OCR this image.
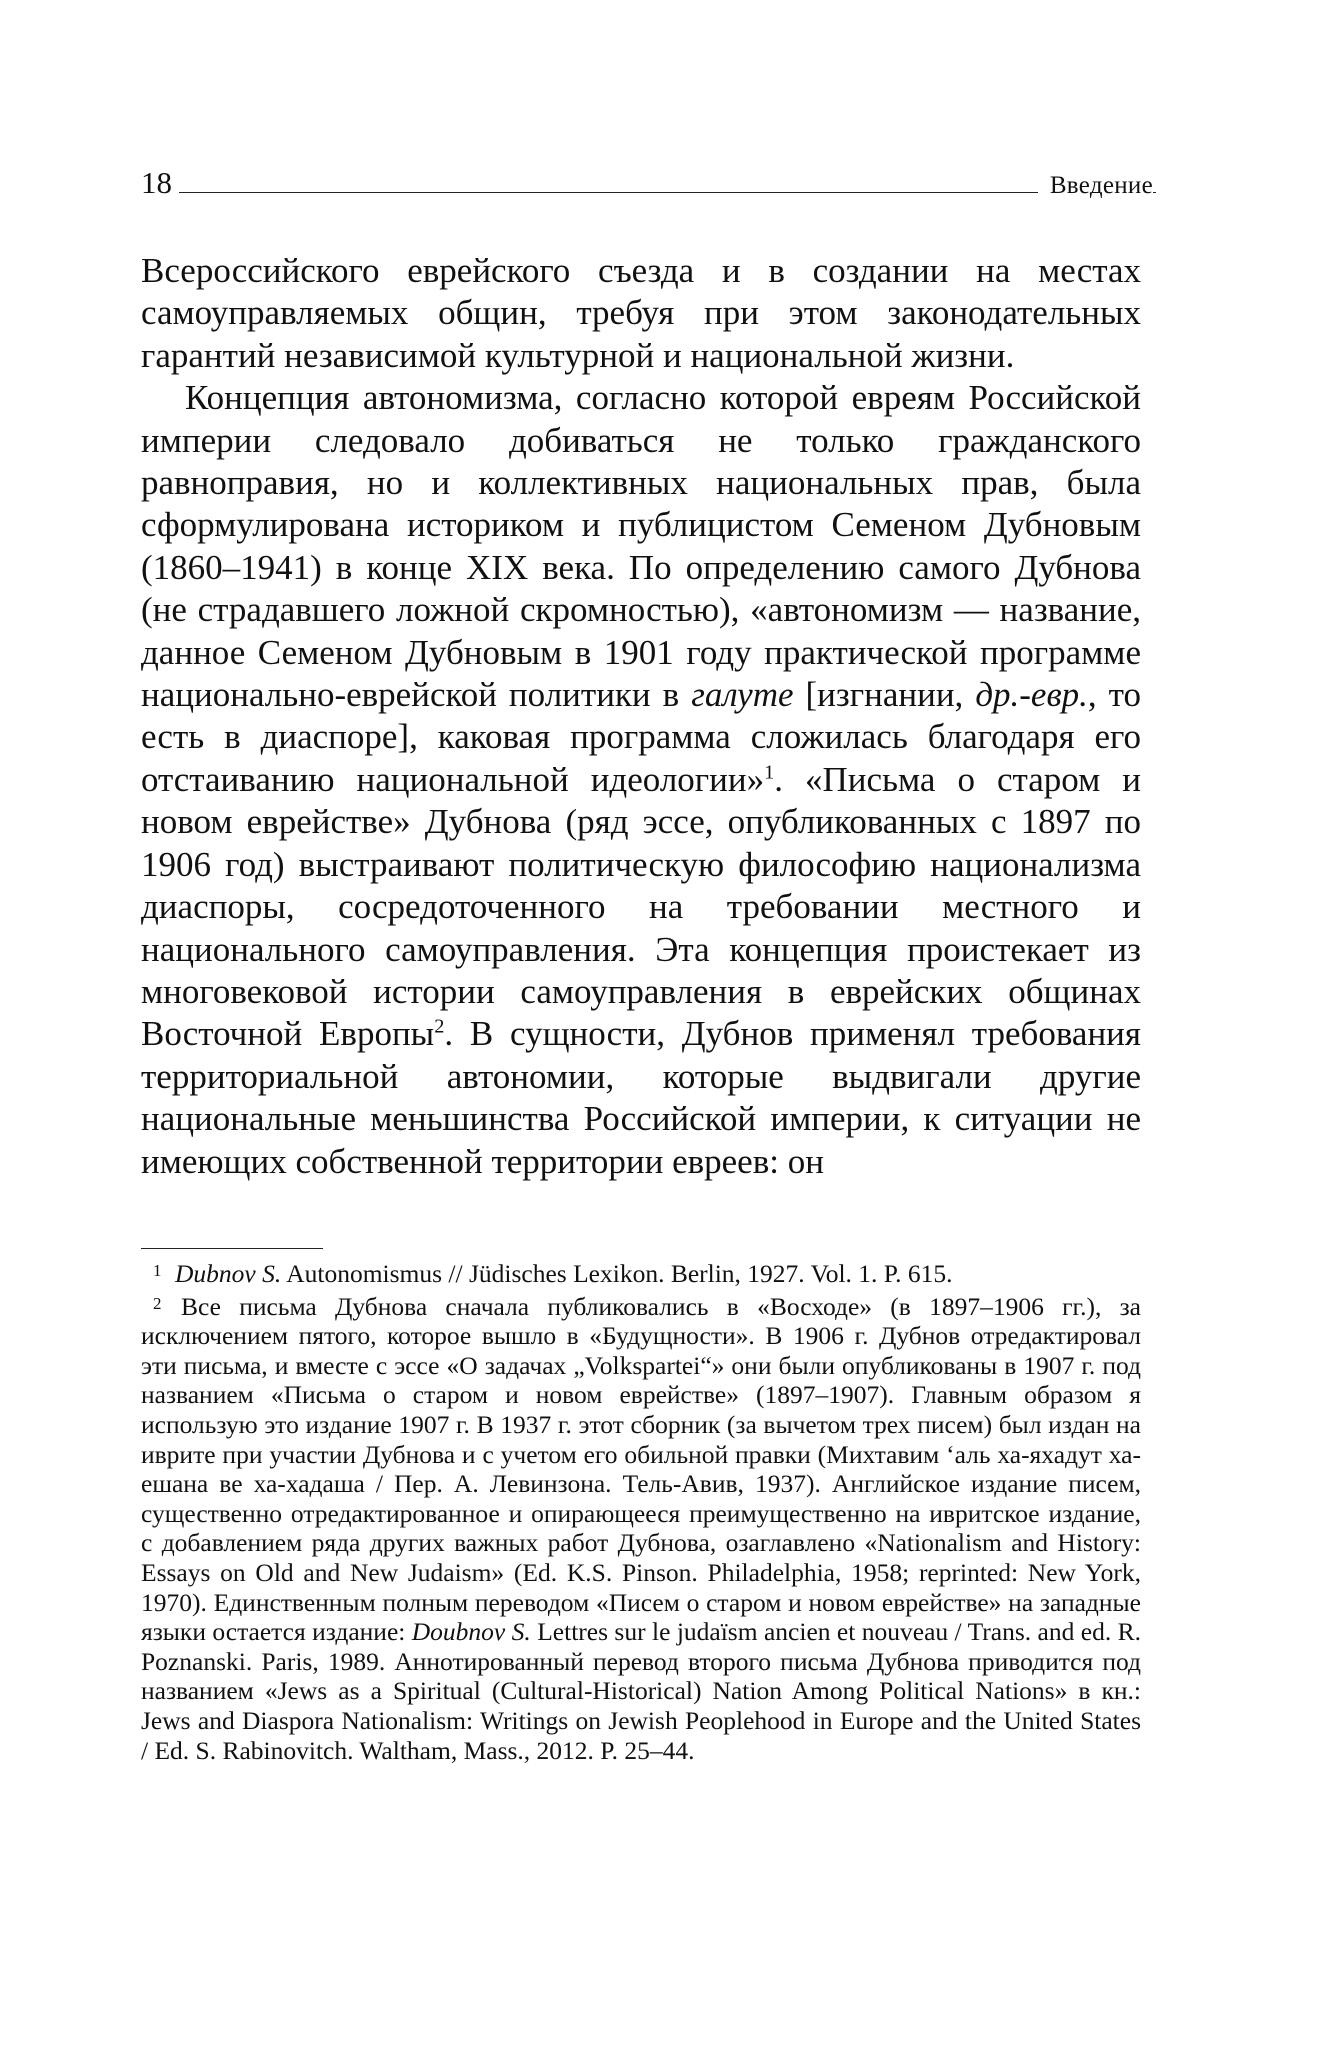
18	Введение

Всероссийского еврейского съезда и в создании на местах самоуправляемых общин, требуя при этом законодательных гарантий независимой культурной и национальной жизни.

Концепция автономизма, согласно которой евреям Российской империи следовало добиваться не только гражданского равноправия, но и коллективных национальных прав, была сформулирована историком и публицистом Семеном Дубновым (1860–1941) в конце XIX века. По определению самого Дубнова (не страдавшего ложной скромностью), «автономизм — название, данное Семеном Дубновым в 1901 году практической программе национально-еврейской политики в галуте [изгнании, др.-евр., то есть в диаспоре], каковая программа сложилась благодаря его отстаиванию национальной идеологии»$^1$. «Письма о старом и новом еврействе» Дубнова (ряд эссе, опубликованных с 1897 по 1906 год) выстраивают политическую философию национализма диаспоры, сосредоточенного на требовании местного и национального самоуправления. Эта концепция проистекает из многовековой истории самоуправления в еврейских общинах Восточной Европы$^2$. В сущности, Дубнов применял требования территориальной автономии, которые выдвигали другие национальные меньшинства Российской империи, к ситуации не имеющих собственной территории евреев: он

1 Dubnov S. Autonomismus // Jüdisches Lexikon. Berlin, 1927. Vol. 1. P. 615.

2 Все письма Дубнова сначала публиковались в «Восходе» (в 1897–1906 гг.), за исключением пятого, которое вышло в «Будущности». В 1906 г. Дубнов отредактировал эти письма, и вместе с эссе «О задачах „Volkspartei“» они были опубликованы в 1907 г. под названием «Письма о старом и новом еврействе» (1897–1907). Главным образом я использую это издание 1907 г. В 1937 г. этот сборник (за вычетом трех писем) был издан на иврите при участии Дубнова и с учетом его обильной правки (Михтавим ‘аль ха-яхадут ха-ешана ве ха-хадаша / Пер. А. Левинзона. Тель-Авив, 1937). Английское издание писем, существенно отредактированное и опирающееся преимущественно на ивритское издание, с добавлением ряда других важных работ Дубнова, озаглавлено «Nationalism and History: Essays on Old and New Judaism» (Ed. K.S. Pinson. Philadelphia, 1958; reprinted: New York, 1970). Единственным полным переводом «Писем о старом и новом еврействе» на западные языки остается издание: Doubnov S. Lettres sur le judaïsm ancien et nouveau / Trans. and ed. R. Poznanski. Paris, 1989. Аннотированный перевод второго письма Дубнова приводится под названием «Jews as a Spiritual (Cultural-Historical) Nation Among Political Nations» в кн.: Jews and Diaspora Nationalism: Writings on Jewish Peoplehood in Europe and the United States / Ed. S. Rabinovitch. Waltham, Mass., 2012. P. 25–44.
